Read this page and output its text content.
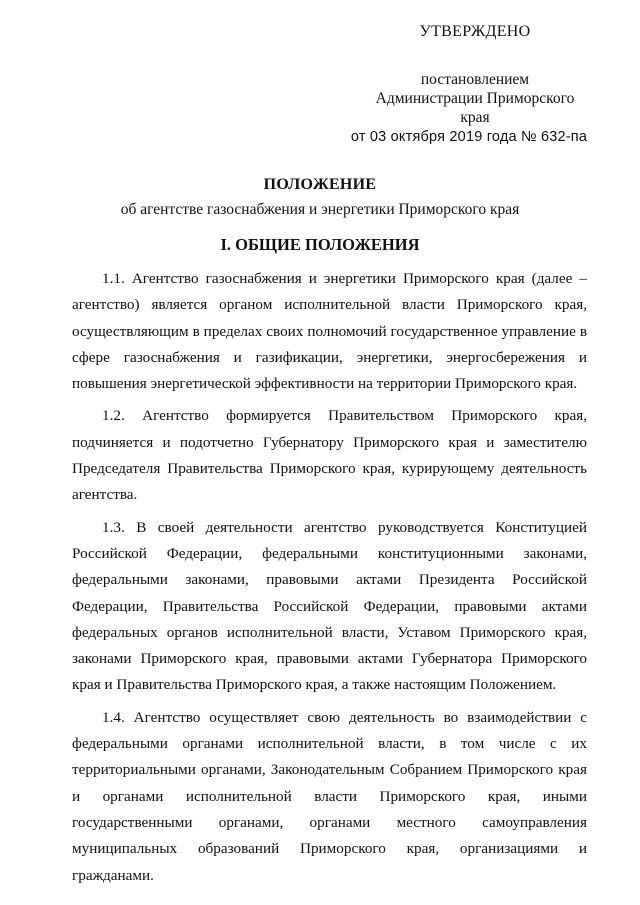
УТВЕРЖДЕНО
постановлением
Администрации Приморского
края
от 03 октября 2019 года № 632-па
ПОЛОЖЕНИЕ
об агентстве газоснабжения и энергетики Приморского края
I. ОБЩИЕ ПОЛОЖЕНИЯ

1.1. Агентство газоснабжения и энергетики Приморского края (далее – агентство) является органом исполнительной власти Приморского края, осуществляющим в пределах своих полномочий государственное управление в сфере газоснабжения и газификации, энергетики, энергосбережения и повышения энергетической эффективности на территории Приморского края.

1.2. Агентство формируется Правительством Приморского края, подчиняется и подотчетно Губернатору Приморского края и заместителю Председателя Правительства Приморского края, курирующему деятельность агентства.

1.3. В своей деятельности агентство руководствуется Конституцией Российской Федерации, федеральными конституционными законами, федеральными законами, правовыми актами Президента Российской Федерации, Правительства Российской Федерации, правовыми актами федеральных органов исполнительной власти, Уставом Приморского края, законами Приморского края, правовыми актами Губернатора Приморского края и Правительства Приморского края, а также настоящим Положением.

1.4. Агентство осуществляет свою деятельность во взаимодействии с федеральными органами исполнительной власти, в том числе с их территориальными органами, Законодательным Собранием Приморского края и органами исполнительной власти Приморского края, иными государственными органами, органами местного самоуправления муниципальных образований Приморского края, организациями и гражданами.
